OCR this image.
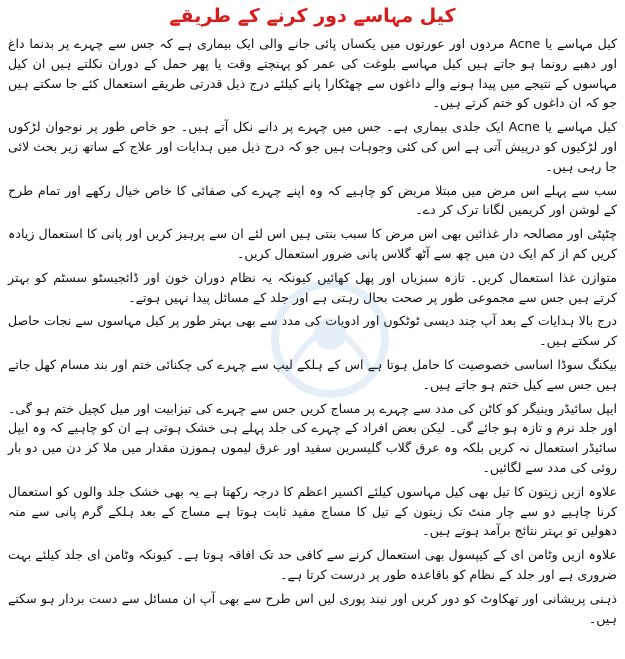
کیل مہاسے دور کرنے کے طریقے

کیل مہاسے یا Acne مردوں اور عورتوں میں یکساں پائی جانے والی ایک بیماری ہے کہ جس سے چہرے پر بدنما داغ اور دھبے رونما ہو جاتے ہیں کیل مہاسے بلوغت کی عمر کو پہنچتے وقت یا پھر حمل کے دوران نکلتے ہیں ان کیل مہاسوں کے نتیجے میں پیدا ہونے والے داغوں سے چھٹکارا پانے کیلئے درج ذیل قدرتی طریقے استعمال کئے جا سکتے ہیں جو کہ ان داغوں کو ختم کرتے ہیں۔

کیل مہاسے یا Acne ایک جلدی بیماری ہے۔ جس میں چہرے پر دانے نکل آتے ہیں۔ جو خاص طور پر نوجوان لڑکوں اور لڑکیوں کو درپیش آتی ہے اس کی کئی وجوہات ہیں جو کہ درج ذیل میں ہدایات اور علاج کے ساتھ زیر بحث لائی جا رہی ہیں۔

سب سے پہلے اس مرض میں مبتلا مریض کو چاہیے کہ وہ اپنے چہرے کی صفائی کا خاص خیال رکھے اور تمام طرح کے لوشن اور کریمیں لگانا ترک کر دے۔

چٹپٹی اور مصالحہ دار غذائیں بھی اس مرض کا سبب بنتی ہیں اس لئے ان سے پرہیز کریں اور پانی کا استعمال زیادہ کریں کم از کم ایک دن میں چھ سے آٹھ گلاس پانی ضرور استعمال کریں۔

متوازن غذا استعمال کریں۔ تازہ سبزیاں اور پھل کھائیں کیونکہ یہ نظام دوران خون اور ڈائجیسٹو سسٹم کو بہتر کرتے ہیں جس سے مجموعی طور پر صحت بحال رہتی ہے اور جلد کے مسائل پیدا نہیں ہوتے۔

درج بالا ہدایات کے بعد آپ چند دیسی ٹوٹکوں اور ادویات کی مدد سے بھی بہتر طور پر کیل مہاسوں سے نجات حاصل کر سکتے ہیں۔

بیکنگ سوڈا اساسی خصوصیت کا حامل ہوتا ہے اس کے ہلکے لیپ سے چہرے کی چکنائی ختم اور بند مسام کھل جاتے ہیں جس سے کیل ختم ہو جاتے ہیں۔

ایپل سائیڈر وینیگر کو کاٹن کی مدد سے چہرے پر مساج کریں جس سے چہرے کی تیزابیت اور میل کچیل ختم ہو گی۔ اور جلد نرم و تازہ ہو جائے گی۔ لیکن بعض افراد کے چہرے کی جلد پہلے ہی خشک ہوتی ہے ان کو چاہیے کہ وہ ایپل سائیڈر استعمال نہ کریں بلکہ وہ عرق گلاب گلیسرین سفید اور عرق لیموں ہموزن مقدار میں ملا کر دن میں دو بار روئی کی مدد سے لگائیں۔

علاوہ ازیں زیتون کا تیل بھی کیل مہاسوں کیلئے اکسیر اعظم کا درجہ رکھتا ہے یہ بھی خشک جلد والوں کو استعمال کرنا چاہیے دو سے چار منٹ تک زیتون کے تیل کا مساج مفید ثابت ہوتا ہے مساج کے بعد ہلکے گرم پانی سے منہ دھولیں تو بہتر نتائج برآمد ہوتے ہیں۔

علاوہ ازیں وٹامن ای کے کیپسول بھی استعمال کرنے سے کافی حد تک افاقہ ہوتا ہے۔ کیونکہ وٹامن ای جلد کیلئے بہت ضروری ہے اور جلد کے نظام کو باقاعدہ طور پر درست کرتا ہے۔

ذہنی پریشانی اور تھکاوٹ کو دور کریں اور نیند پوری لیں اس طرح سے بھی آپ ان مسائل سے دست بردار ہو سکتے ہیں۔
